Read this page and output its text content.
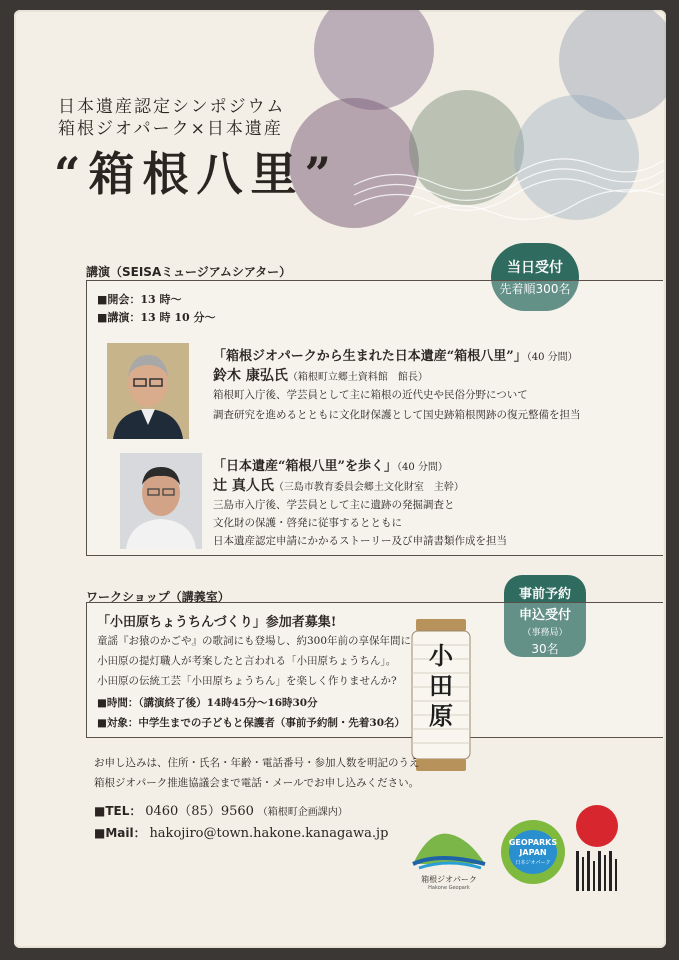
日本遺産認定シンポジウム
箱根ジオパーク×日本遺産
“箱根八里”
講演（SEISAミュージアムシアター）	当日受付
先着順300名
■開会：13 時〜
■講演：13 時 10 分〜
「箱根ジオパークから生まれた日本遺産“箱根八里”」（40 分間）
鈴木 康弘氏（箱根町立郷土資料館　館長）
箱根町入庁後、学芸員として主に箱根の近代史や民俗分野について
調査研究を進めるとともに文化財保護として国史跡箱根関跡の復元整備を担当
「日本遺産“箱根八里”を歩く」（40 分間）
辻 真人氏（三島市教育委員会郷土文化財室　主幹）
三島市入庁後、学芸員として主に遺跡の発掘調査と
文化財の保護・啓発に従事するとともに
日本遺産認定申請にかかるストーリー及び申請書類作成を担当
ワークショップ（講義室）	事前予約
申込受付
（事務局）
30名
「小田原ちょうちんづくり」参加者募集!
童謡『お猿のかごや』の歌詞にも登場し、約300年前の享保年間に
小田原の提灯職人が考案したと言われる「小田原ちょうちん」。
小田原の伝統工芸「小田原ちょうちん」を楽しく作りませんか?
■時間：（講演終了後）14時45分〜16時30分
■対象：中学生までの子どもと保護者（事前予約制・先着30名）
小田原
お申し込みは、住所・氏名・年齢・電話番号・参加人数を明記のうえ
箱根ジオパーク推進協議会まで電話・メールでお申し込みください。
■TEL： 0460（85）9560 （箱根町企画課内）
■Mail： hakojiro@town.hakone.kanagawa.jp
箱根ジオパーク
Hakone Geopark
GEOPARKS
JAPAN
日本ジオパーク
